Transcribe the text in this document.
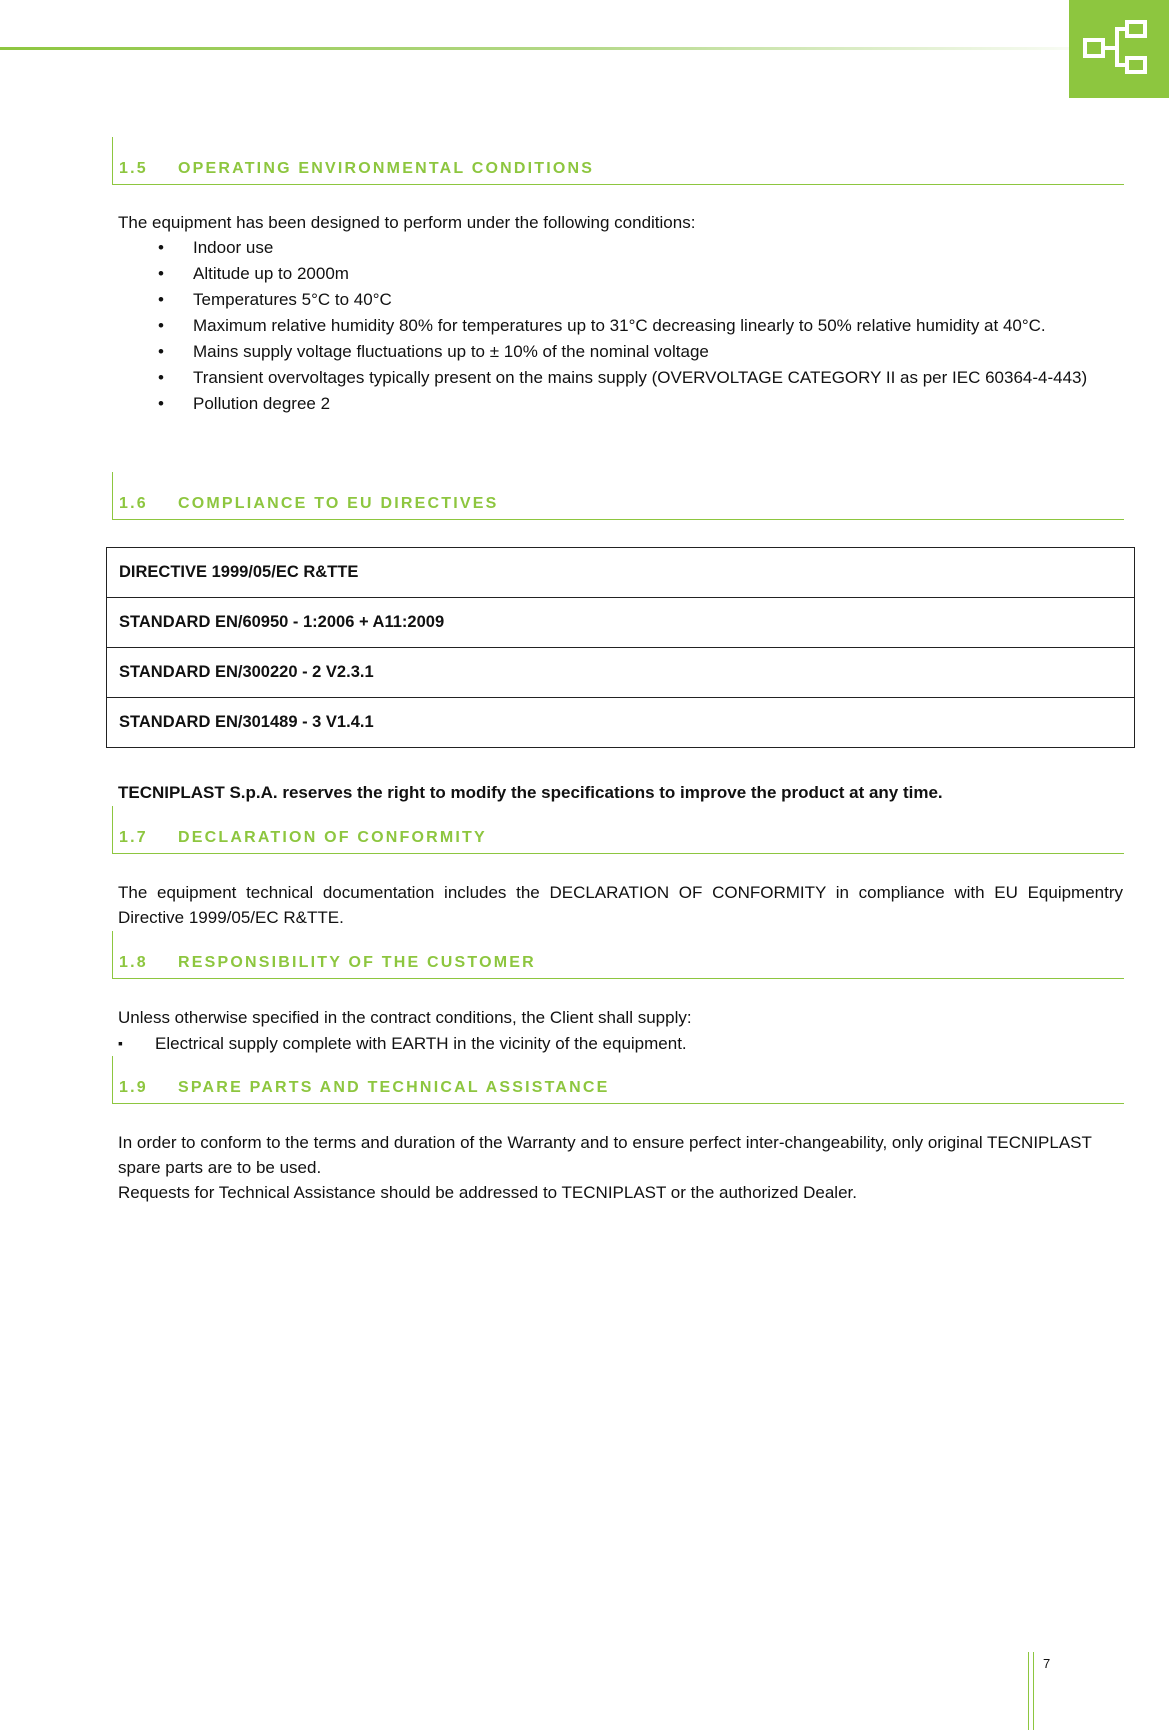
1.5 OPERATING ENVIRONMENTAL CONDITIONS

The equipment has been designed to perform under the following conditions:

• Indoor use
• Altitude up to 2000m
• Temperatures 5°C to 40°C
• Maximum relative humidity 80% for temperatures up to 31°C decreasing linearly to 50% relative humidity at 40°C.
• Mains supply voltage fluctuations up to ± 10% of the nominal voltage
• Transient overvoltages typically present on the mains supply (OVERVOLTAGE CATEGORY II as per IEC 60364-4-443)
• Pollution degree 2
1.6 COMPLIANCE TO EU DIRECTIVES
DIRECTIVE 1999/05/EC R&TTE
STANDARD EN/60950 - 1:2006 + A11:2009
STANDARD EN/300220 - 2 V2.3.1
STANDARD EN/301489 - 3 V1.4.1

TECNIPLAST S.p.A. reserves the right to modify the specifications to improve the product at any time.

1.7 DECLARATION OF CONFORMITY

The equipment technical documentation includes the DECLARATION OF CONFORMITY in compliance with EU Equipmentry Directive 1999/05/EC R&TTE.

1.8 RESPONSIBILITY OF THE CUSTOMER

Unless otherwise specified in the contract conditions, the Client shall supply:

▪ Electrical supply complete with EARTH in the vicinity of the equipment.
1.9 SPARE PARTS AND TECHNICAL ASSISTANCE

In order to conform to the terms and duration of the Warranty and to ensure perfect inter-changeability, only original TECNIPLAST spare parts are to be used.

Requests for Technical Assistance should be addressed to TECNIPLAST or the authorized Dealer.

7
